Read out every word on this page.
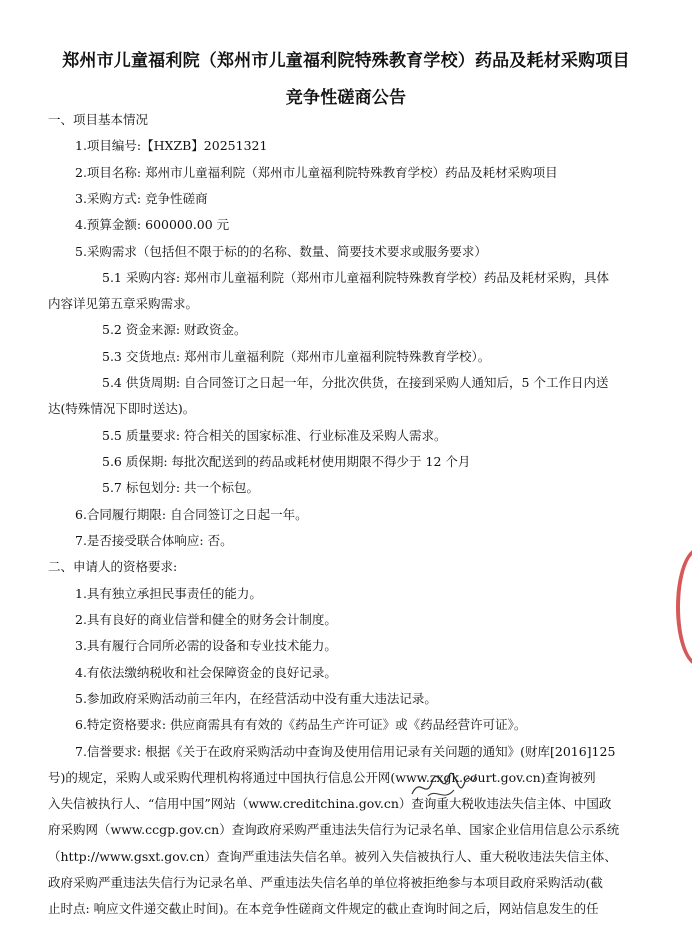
郑州市儿童福利院（郑州市儿童福利院特殊教育学校）药品及耗材采购项目
竞争性磋商公告
一、项目基本情况
1.项目编号:【HXZB】20251321
2.项目名称: 郑州市儿童福利院（郑州市儿童福利院特殊教育学校）药品及耗材采购项目
3.采购方式: 竞争性磋商
4.预算金额: 600000.00 元
5.采购需求（包括但不限于标的的名称、数量、简要技术要求或服务要求）
5.1 采购内容: 郑州市儿童福利院（郑州市儿童福利院特殊教育学校）药品及耗材采购，具体
内容详见第五章采购需求。
5.2 资金来源: 财政资金。
5.3 交货地点: 郑州市儿童福利院（郑州市儿童福利院特殊教育学校）。
5.4 供货周期: 自合同签订之日起一年，分批次供货，在接到采购人通知后，5 个工作日内送
达(特殊情况下即时送达)。
5.5 质量要求: 符合相关的国家标准、行业标准及采购人需求。
5.6 质保期: 每批次配送到的药品或耗材使用期限不得少于 12 个月
5.7 标包划分: 共一个标包。
6.合同履行期限: 自合同签订之日起一年。
7.是否接受联合体响应: 否。
二、申请人的资格要求:
1.具有独立承担民事责任的能力。
2.具有良好的商业信誉和健全的财务会计制度。
3.具有履行合同所必需的设备和专业技术能力。
4.有依法缴纳税收和社会保障资金的良好记录。
5.参加政府采购活动前三年内，在经营活动中没有重大违法记录。
6.特定资格要求: 供应商需具有有效的《药品生产许可证》或《药品经营许可证》。
7.信誉要求: 根据《关于在政府采购活动中查询及使用信用记录有关问题的通知》(财库[2016]125
号)的规定，采购人或采购代理机构将通过中国执行信息公开网(www.zxgk.court.gov.cn)查询被列
入失信被执行人、“信用中国”网站（www.creditchina.gov.cn）查询重大税收违法失信主体、中国政
府采购网（www.ccgp.gov.cn）查询政府采购严重违法失信行为记录名单、国家企业信用信息公示系统
（http://www.gsxt.gov.cn）查询严重违法失信名单。被列入失信被执行人、重大税收违法失信主体、
政府采购严重违法失信行为记录名单、严重违法失信名单的单位将被拒绝参与本项目政府采购活动(截
止时点: 响应文件递交截止时间)。在本竞争性磋商文件规定的截止查询时间之后，网站信息发生的任
